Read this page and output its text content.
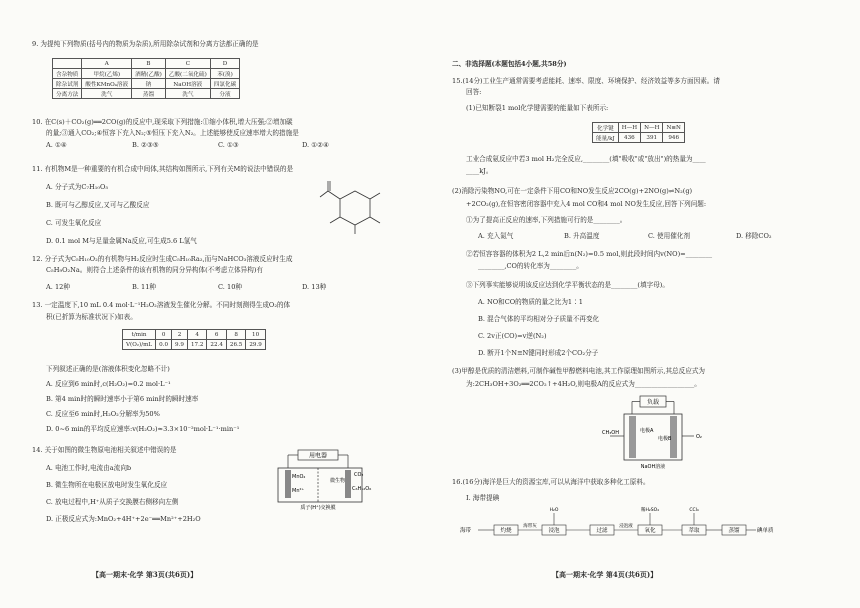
9. 为提纯下列物质(括号内的物质为杂质),所用除杂试剂和分离方法都正确的是
	A	B	C	D
含杂物质	甲烷(乙烯)	酒精(乙酸)	乙酸(二氧化硫)	苯(溴)
除杂试剂	酸性KMnO₄溶液	钠	NaOH溶液	四氯化碳
分离方法	洗气	蒸馏	洗气	分液
10. 在C(s)＋CO₂(g)══2CO(g)的反应中,现采取下列措施:①缩小体积,增大压强;②增加碳
的量;③通入CO₂;④恒容下充入N₂;⑤恒压下充入N₂。上述能够使反应速率增大的措施是
A. ①④	B. ②③⑤	C. ①③	D. ①②④
11. 有机物M是一种重要的有机合成中间体,其结构如图所示,下列有关M的说法中错误的是
A. 分子式为C₇H₁₀O₅
B. 既可与乙醇反应,又可与乙酸反应
C. 可发生氧化反应
D. 0.1 mol M与足量金属Na反应,可生成5.6 L氢气
12. 分子式为C₅H₁₀O₂的有机物与H₂反应时生成C₅H₁₀Ra₂,而与NaHCO₃溶液反应时生成
C₅H₉O₂Na。则符合上述条件的该有机物的同分异构体(不考虑立体异构)有
A. 12种	B. 11种	C. 10种	D. 13种
13. 一定温度下,10 mL 0.4 mol·L⁻¹H₂O₂溶液发生催化分解。不同时刻测得生成O₂的体
积(已折算为标准状况下)如表。
t/min	0	2	4	6	8	10
V(O₂)/mL	0.0	9.9	17.2	22.4	26.5	29.9
下列叙述正确的是(溶液体积变化忽略不计)
A. 反应到6 min时,c(H₂O₂)=0.2 mol·L⁻¹
B. 第4 min时的瞬时速率小于第6 min时的瞬时速率
C. 反应至6 min时,H₂O₂分解率为50%
D. 0~6 min的平均反应速率:v(H₂O₂)≈3.3×10⁻²mol·L⁻¹·min⁻¹
14. 关于如图的微生物原电池相关叙述中错误的是
A. 电池工作时,电流由a流向b
B. 微生物所在电极区放电时发生氧化反应
C. 放电过程中,H⁺从质子交换膜右侧移向左侧
D. 正极反应式为:MnO₂+4H⁺+2e⁻══Mn²⁺+2H₂O
用电器
MnO₂
Mn²⁺
微生物
CO₂
C₆H₁₂O₆
质子(H⁺)交换膜
【高一期末·化学 第3页(共6页)】
二、非选择题(本题包括4小题,共58分)
15.(14分)工业生产通常需要考虑能耗、速率、限度、环境保护、经济效益等多方面因素。请
回答:
(1)已知断裂1 mol化学键需要的能量如下表所示:
化学键	H—H	N—H	N≡N
能量/kJ	436	391	946
工业合成氨反应中若3 mol H₂完全反应,________(填"吸收"或"放出")的热量为____
____kJ。
(2)消除污染物NO,可在一定条件下用CO和NO发生反应2CO(g)+2NO(g)⇌N₂(g)
+2CO₂(g),在恒容密闭容器中充入4 mol CO和4 mol NO发生反应,回答下列问题:
①为了提高正反应的速率,下列措施可行的是________。
A. 充入氮气	B. 升高温度	C. 使用催化剂	D. 移除CO₂
②若恒容容器的体积为2 L,2 min后n(N₂)=0.5 mol,则此段时间内v(NO)=________
________,CO的转化率为________。
③下列事实能够说明该反应达到化学平衡状态的是________(填字母)。
A. NO和CO的物质的量之比为1∶1
B. 混合气体的平均相对分子质量不再变化
C. 2v正(CO)=v逆(N₂)
D. 断开1个N≡N键同时形成2个CO₂分子
(3)甲醇是优质的清洁燃料,可制作碱性甲醇燃料电池,其工作原理如图所示,其总反应式为
为:2CH₃OH+3O₂══2CO₂↑+4H₂O,则电极A的反应式为__________________。
负载
电极A
电极B
CH₃OH
O₂
NaOH溶液
16.(16分)海洋是巨大的资源宝库,可以从海洋中获取多种化工原料。
Ⅰ. 海带提碘
海带	灼烧
海带灰
浸泡
H₂O
过滤
浸泡液
氧化
稀H₂SO₄
萃取
CCl₄
蒸馏	碘单质
【高一期末·化学 第4页(共6页)】
